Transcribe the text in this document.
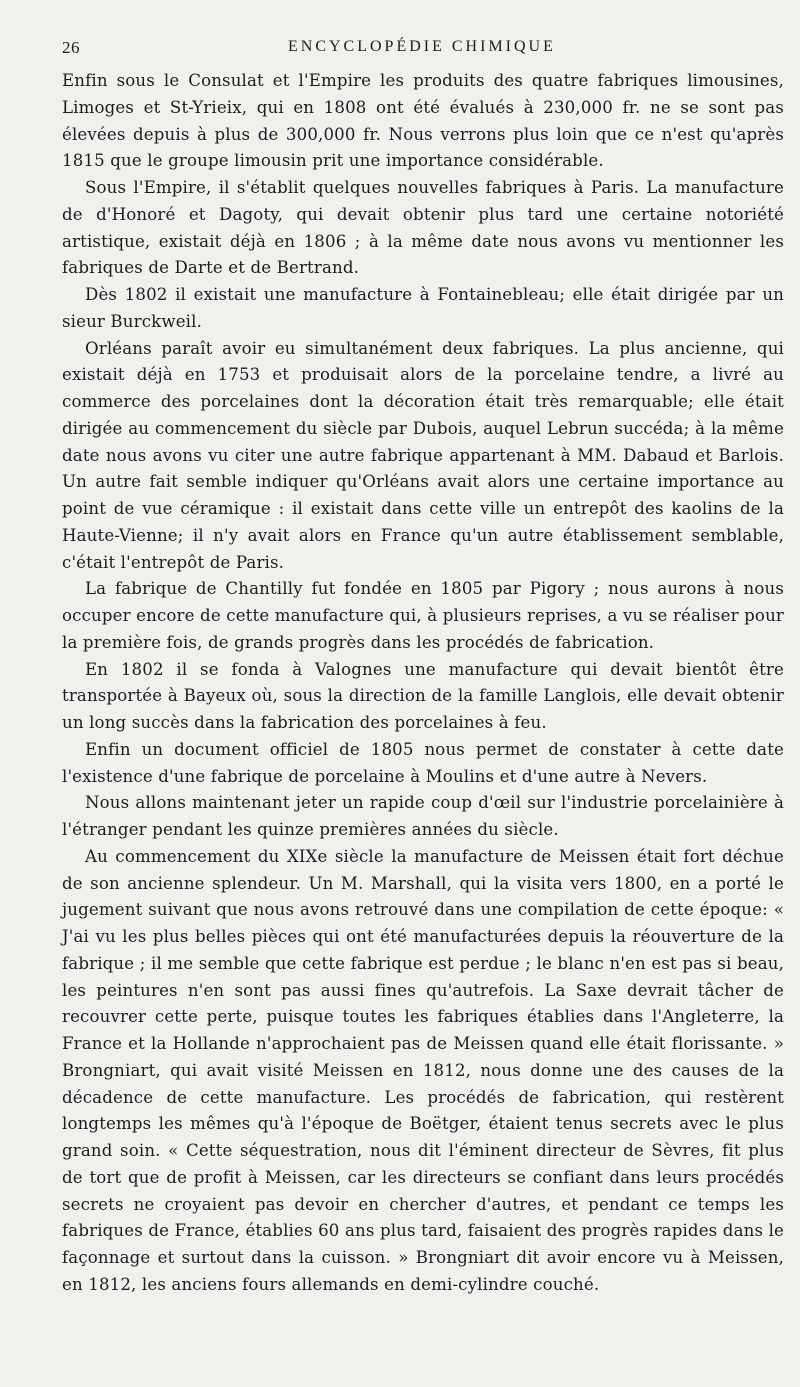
26	ENCYCLOPÉDIE CHIMIQUE

Enfin sous le Consulat et l'Empire les produits des quatre fabriques limousines, Limoges et St-Yrieix, qui en 1808 ont été évalués à 230,000 fr. ne se sont pas élevées depuis à plus de 300,000 fr. Nous verrons plus loin que ce n'est qu'après 1815 que le groupe limousin prit une importance considérable.

Sous l'Empire, il s'établit quelques nouvelles fabriques à Paris. La manufacture de d'Honoré et Dagoty, qui devait obtenir plus tard une certaine notoriété artistique, existait déjà en 1806 ; à la même date nous avons vu mentionner les fabriques de Darte et de Bertrand.

Dès 1802 il existait une manufacture à Fontainebleau; elle était dirigée par un sieur Burckweil.

Orléans paraît avoir eu simultanément deux fabriques. La plus ancienne, qui existait déjà en 1753 et produisait alors de la porcelaine tendre, a livré au commerce des porcelaines dont la décoration était très remarquable; elle était dirigée au commencement du siècle par Dubois, auquel Lebrun succéda; à la même date nous avons vu citer une autre fabrique appartenant à MM. Dabaud et Barlois. Un autre fait semble indiquer qu'Orléans avait alors une certaine importance au point de vue céramique : il existait dans cette ville un entrepôt des kaolins de la Haute-Vienne; il n'y avait alors en France qu'un autre établissement semblable, c'était l'entrepôt de Paris.

La fabrique de Chantilly fut fondée en 1805 par Pigory ; nous aurons à nous occuper encore de cette manufacture qui, à plusieurs reprises, a vu se réaliser pour la première fois, de grands progrès dans les procédés de fabrication.

En 1802 il se fonda à Valognes une manufacture qui devait bientôt être transportée à Bayeux où, sous la direction de la famille Langlois, elle devait obtenir un long succès dans la fabrication des porcelaines à feu.

Enfin un document officiel de 1805 nous permet de constater à cette date l'existence d'une fabrique de porcelaine à Moulins et d'une autre à Nevers.

Nous allons maintenant jeter un rapide coup d'œil sur l'industrie porcelainière à l'étranger pendant les quinze premières années du siècle.

Au commencement du XIXe siècle la manufacture de Meissen était fort déchue de son ancienne splendeur. Un M. Marshall, qui la visita vers 1800, en a porté le jugement suivant que nous avons retrouvé dans une compilation de cette époque: « J'ai vu les plus belles pièces qui ont été manufacturées depuis la réouverture de la fabrique ; il me semble que cette fabrique est perdue ; le blanc n'en est pas si beau, les peintures n'en sont pas aussi fines qu'autrefois. La Saxe devrait tâcher de recouvrer cette perte, puisque toutes les fabriques établies dans l'Angleterre, la France et la Hollande n'approchaient pas de Meissen quand elle était florissante. » Brongniart, qui avait visité Meissen en 1812, nous donne une des causes de la décadence de cette manufacture. Les procédés de fabrication, qui restèrent longtemps les mêmes qu'à l'époque de Boëtger, étaient tenus secrets avec le plus grand soin. « Cette séquestration, nous dit l'éminent directeur de Sèvres, fit plus de tort que de profit à Meissen, car les directeurs se confiant dans leurs procédés secrets ne croyaient pas devoir en chercher d'autres, et pendant ce temps les fabriques de France, établies 60 ans plus tard, faisaient des progrès rapides dans le façonnage et surtout dans la cuisson. » Brongniart dit avoir encore vu à Meissen, en 1812, les anciens fours allemands en demi-cylindre couché.
